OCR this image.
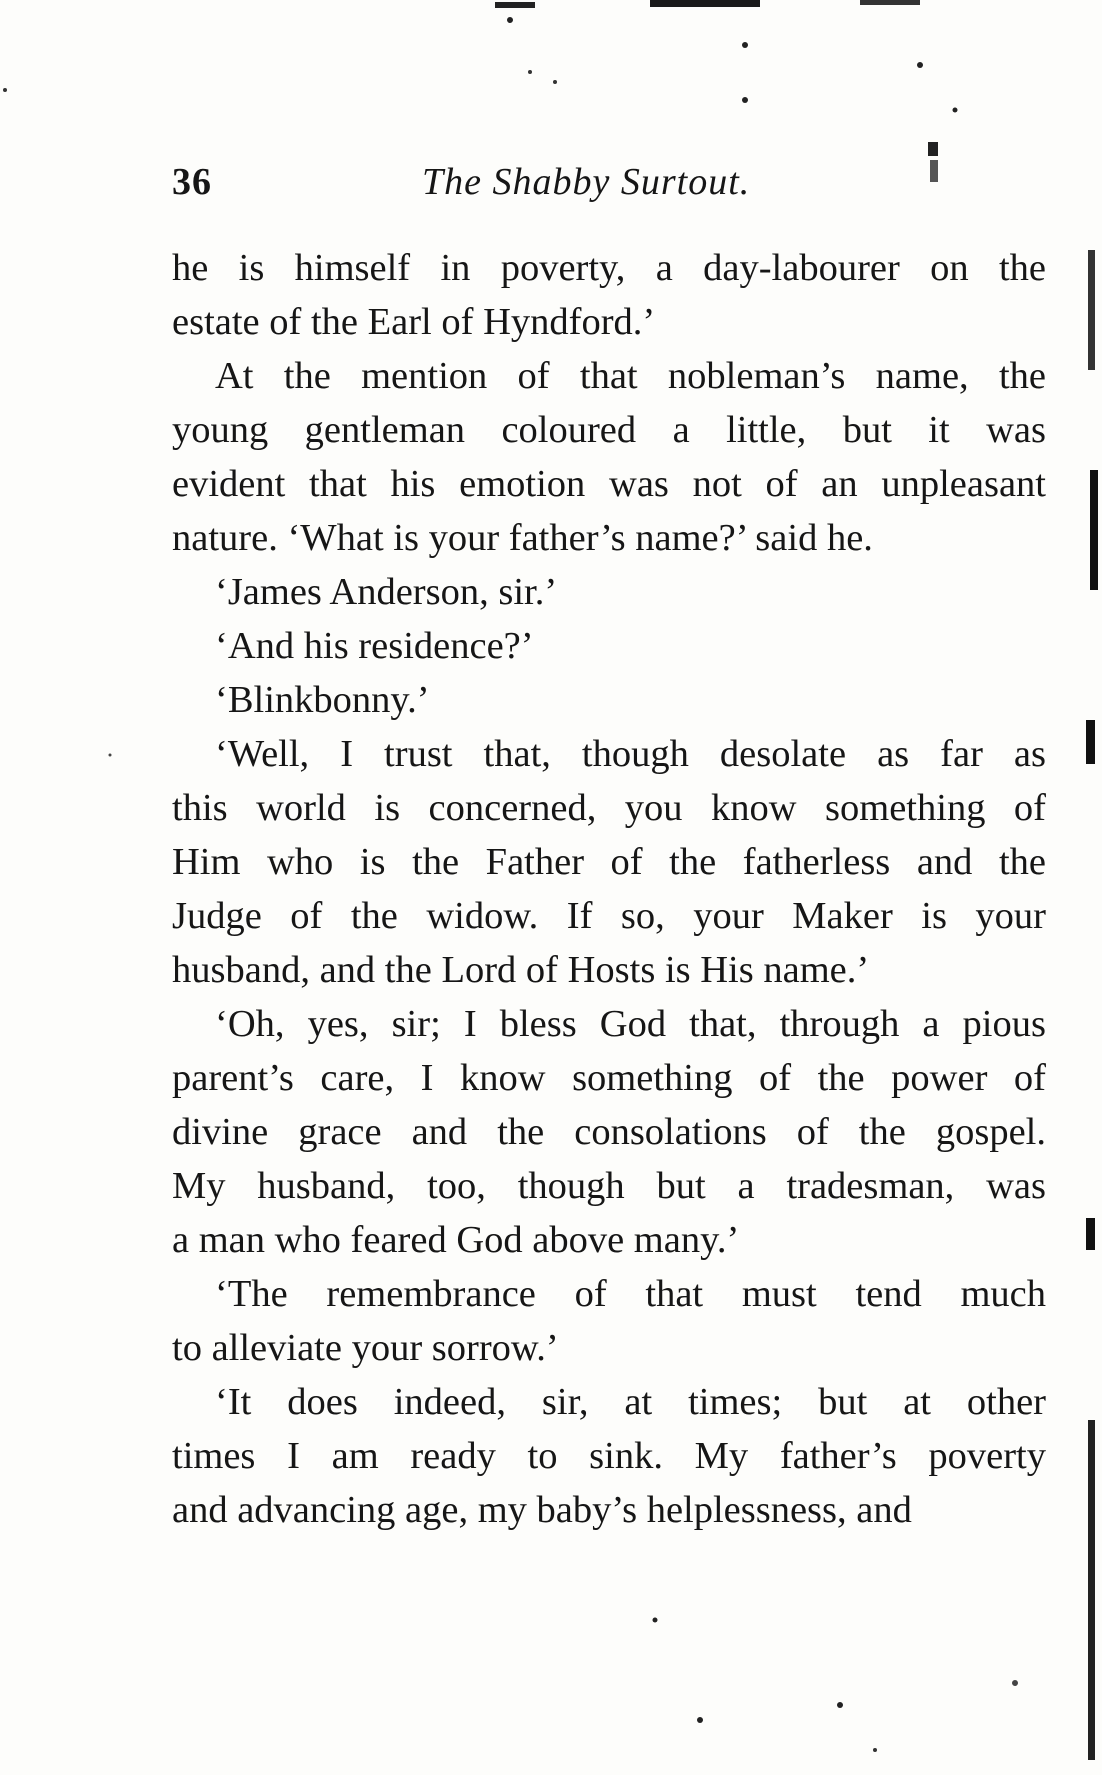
36	The Shabby Surtout.

he is himself in poverty, a day-labourer on the
estate of the Earl of Hyndford.’

At the mention of that nobleman’s name, the
young gentleman coloured a little, but it was
evident that his emotion was not of an unpleasant
nature. ‘What is your father’s name?’ said he.

‘James Anderson, sir.’

‘And his residence?’

‘Blinkbonny.’

‘Well, I trust that, though desolate as far as
this world is concerned, you know something of
Him who is the Father of the fatherless and the
Judge of the widow. If so, your Maker is your
husband, and the Lord of Hosts is His name.’

‘Oh, yes, sir; I bless God that, through a pious
parent’s care, I know something of the power of
divine grace and the consolations of the gospel.
My husband, too, though but a tradesman, was
a man who feared God above many.’

‘The remembrance of that must tend much
to alleviate your sorrow.’

‘It does indeed, sir, at times; but at other
times I am ready to sink. My father’s poverty
and advancing age, my baby’s helplessness, and
